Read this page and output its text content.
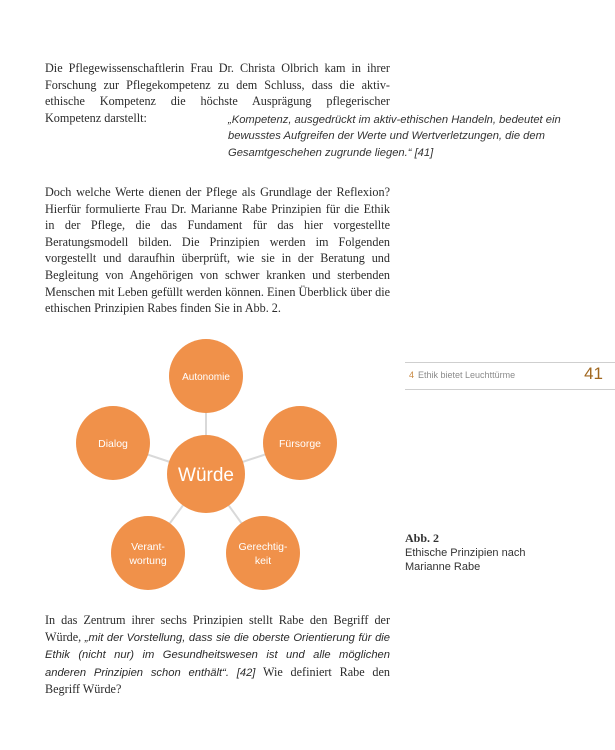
Die Pflegewissenschaftlerin Frau Dr. Christa Olbrich kam in ihrer Forschung zur Pflegekompetenz zu dem Schluss, dass die aktiv-ethische Kompetenz die höchste Ausprägung pflegerischer Kompetenz darstellt:	„Kompetenz, ausgedrückt im aktiv-ethischen Handeln, bedeutet ein bewusstes Aufgreifen der Werte und Wertverletzungen, die dem Gesamtgeschehen zugrunde liegen.“ [41]
Doch welche Werte dienen der Pflege als Grundlage der Reflexion? Hierfür formulierte Frau Dr. Marianne Rabe Prinzipien für die Ethik in der Pflege, die das Fundament für das hier vorgestellte Beratungsmodell bilden. Die Prinzipien werden im Folgenden vorgestellt und daraufhin überprüft, wie sie in der Beratung und Begleitung von Angehörigen von schwer kranken und sterbenden Menschen mit Leben gefüllt werden können. Einen Überblick über die ethischen Prinzipien Rabes finden Sie in Abb. 2.
4 Ethik bietet Leuchttürme	41
Autonomie
Fürsorge
Gerechtig-
keit
Verant-
wortung
Dialog
Würde
Abb. 2
Ethische Prinzipien nach
Marianne Rabe
In das Zentrum ihrer sechs Prinzipien stellt Rabe den Begriff der Würde, „mit der Vorstellung, dass sie die oberste Orientierung für die Ethik (nicht nur) im Gesundheitswesen ist und alle möglichen anderen Prinzipien schon enthält“. [42] Wie definiert Rabe den Begriff Würde?
